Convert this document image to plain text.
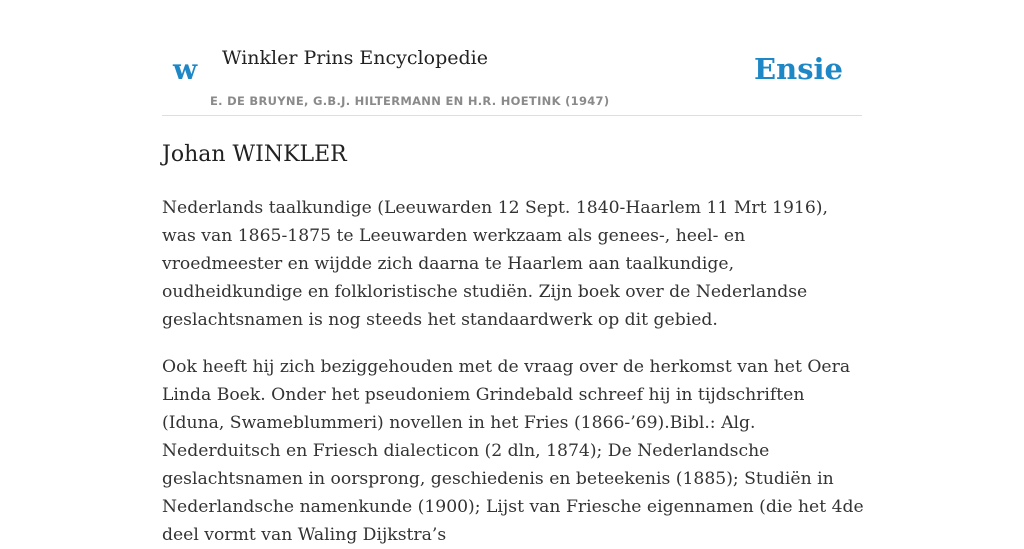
w Winkler Prins Encyclopedie
E. DE BRUYNE, G.B.J. HILTERMANN EN H.R. HOETINK (1947)
Ensie
Johan WINKLER

Nederlands taalkundige (Leeuwarden 12 Sept. 1840-Haarlem 11 Mrt 1916), was van 1865-1875 te Leeuwarden werkzaam als genees-, heel- en vroedmeester en wijdde zich daarna te Haarlem aan taalkundige, oudheidkundige en folkloristische studiën. Zijn boek over de Nederlandse geslachtsnamen is nog steeds het standaardwerk op dit gebied.

Ook heeft hij zich beziggehouden met de vraag over de herkomst van het Oera Linda Boek. Onder het pseudoniem Grindebald schreef hij in tijdschriften (Iduna, Swameblummeri) novellen in het Fries (1866-’69).Bibl.: Alg. Nederduitsch en Friesch dialecticon (2 dln, 1874); De Nederlandsche geslachtsnamen in oorsprong, geschiedenis en beteekenis (1885); Studiën in Nederlandsche namenkunde (1900); Lijst van Friesche eigennamen (die het 4de deel vormt van Waling Dijkstra’s
